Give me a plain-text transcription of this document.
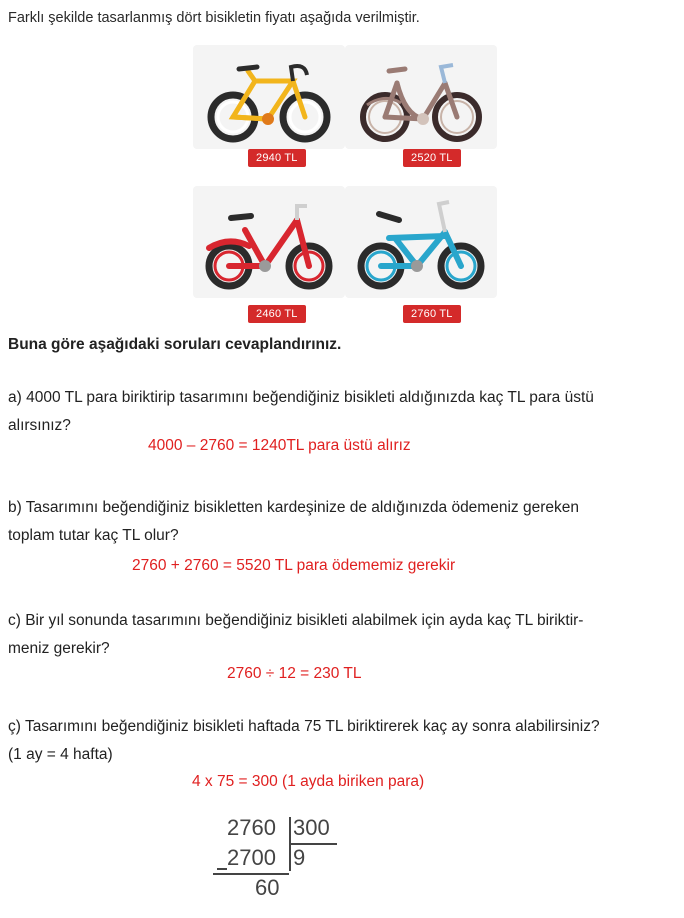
Farklı şekilde tasarlanmış dört bisikletin fiyatı aşağıda verilmiştir.
2940 TL	2520 TL
2460 TL	2760 TL
Buna göre aşağıdaki soruları cevaplandırınız.
a) 4000 TL para biriktirip tasarımını beğendiğiniz bisikleti aldığınızda kaç TL para üstü
alırsınız?
4000 – 2760 = 1240TL para üstü alırız
b) Tasarımını beğendiğiniz bisikletten kardeşinize de aldığınızda ödemeniz gereken
toplam tutar kaç TL olur?
2760 + 2760 = 5520 TL para ödememiz gerekir
c) Bir yıl sonunda tasarımını beğendiğiniz bisikleti alabilmek için ayda kaç TL biriktir-
meniz gerekir?
2760 ÷ 12 = 230 TL
ç) Tasarımını beğendiğiniz bisikleti haftada 75 TL biriktirerek kaç ay sonra alabilirsiniz?
(1 ay = 4 hafta)
4 x 75 = 300 (1 ayda biriken para)
2760 300
2700 9
60
